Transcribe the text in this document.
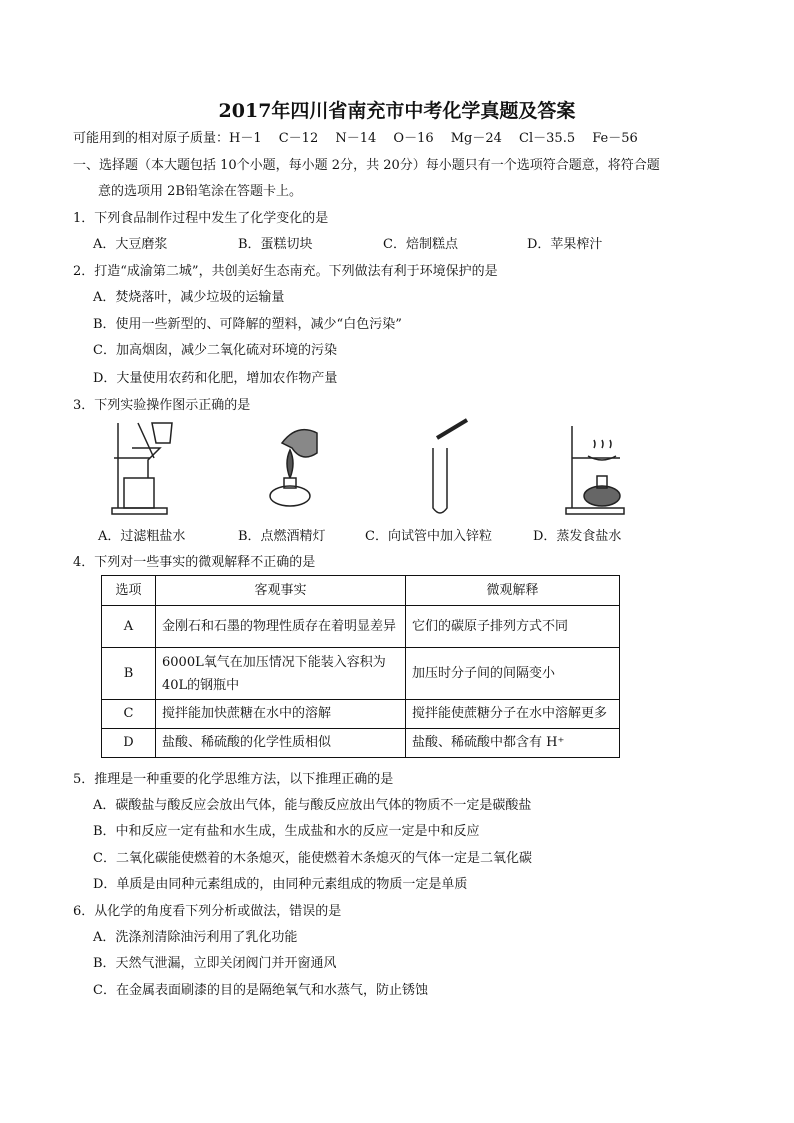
2017年四川省南充市中考化学真题及答案
可能用到的相对原子质量：H－1　 C－12　 N－14　 O－16　 Mg－24　 Cl－35.5　 Fe－56
一、选择题（本大题包括 10个小题，每小题 2分，共 20分）每小题只有一个选项符合题意，将符合题
意的选项用 2B铅笔涂在答题卡上。
1．下列食品制作过程中发生了化学变化的是
A．大豆磨浆	B．蛋糕切块	C．焙制糕点	D．苹果榨汁
2．打造“成渝第二城”，共创美好生态南充。下列做法有利于环境保护的是
A．焚烧落叶，减少垃圾的运输量
B．使用一些新型的、可降解的塑料，减少“白色污染”
C．加高烟囱，减少二氧化硫对环境的污染
D．大量使用农药和化肥，增加农作物产量
3．下列实验操作图示正确的是
A．过滤粗盐水	B．点燃酒精灯	C．向试管中加入锌粒	D．蒸发食盐水
4．下列对一些事实的微观解释不正确的是
选项	客观事实	微观解释
A	金刚石和石墨的物理性质存在着明显差异	它们的碳原子排列方式不同
B	6000L氧气在加压情况下能装入容积为40L的钢瓶中	加压时分子间的间隔变小
C	搅拌能加快蔗糖在水中的溶解	搅拌能使蔗糖分子在水中溶解更多
D	盐酸、稀硫酸的化学性质相似	盐酸、稀硫酸中都含有 H⁺
5．推理是一种重要的化学思维方法，以下推理正确的是
A．碳酸盐与酸反应会放出气体，能与酸反应放出气体的物质不一定是碳酸盐
B．中和反应一定有盐和水生成，生成盐和水的反应一定是中和反应
C．二氧化碳能使燃着的木条熄灭，能使燃着木条熄灭的气体一定是二氧化碳
D．单质是由同种元素组成的，由同种元素组成的物质一定是单质
6．从化学的角度看下列分析或做法，错误的是
A．洗涤剂清除油污利用了乳化功能
B．天然气泄漏，立即关闭阀门并开窗通风
C．在金属表面刷漆的目的是隔绝氧气和水蒸气，防止锈蚀
